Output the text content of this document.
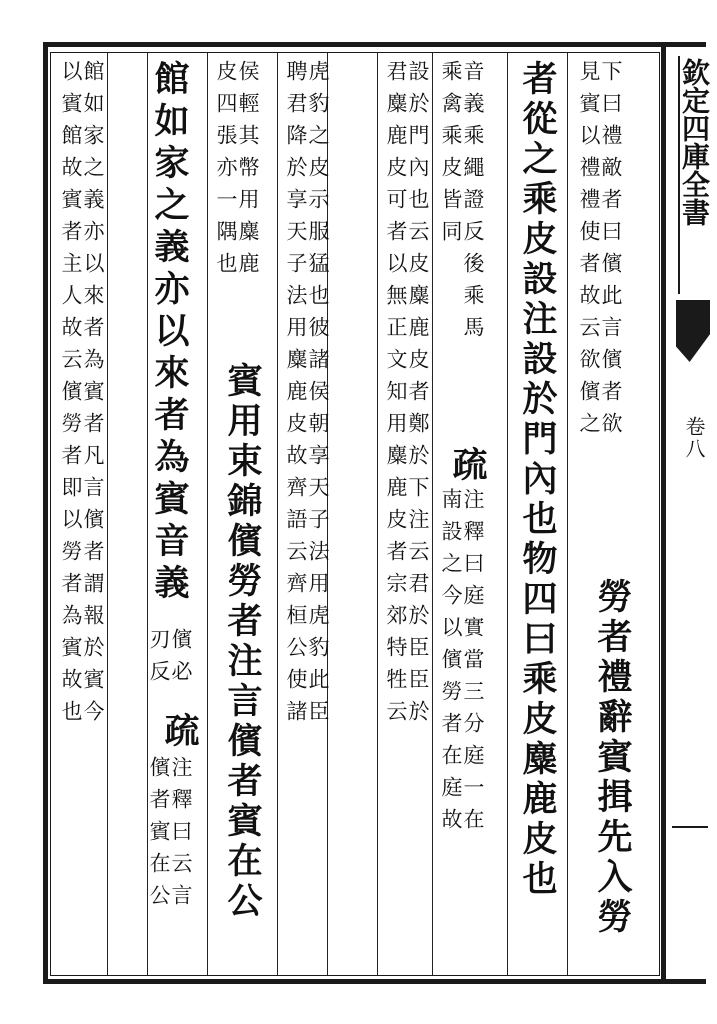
下曰禮敵者曰儐此言儐者欲
見賓以禮禮使者故云欲儐之
勞者禮辭賓揖先入勞
者從之乘皮設注設於門內也物四曰乘皮麋鹿皮也
音義乘繩證反後乘馬
乘禽乘皮皆同
疏
注釋曰庭實當三分庭一在
南設之今以儐勞者在庭故
設於門內也云皮麋鹿皮者鄭於下注云君於臣臣於
君麋鹿皮可者以無正文知用麋鹿皮者宗郊特牲云
虎豹之皮示服猛也彼諸侯朝享天子法用虎豹此臣
聘君降於享天子法用麋鹿皮故齊語云齊桓公使諸
侯輕其幣用麋鹿
皮四張亦一隅也
賓用束錦儐勞者注言儐者賓在公
館如家之義亦以來者為賓音義
儐必
刃反
疏
注釋曰云言
儐者賓在公
館如家之義亦以來者為賓者凡言儐者謂報於賓今
以賓館故賓者主人故云儐勞者即以勞者為賓故也	欽定四庫全書
卷八
